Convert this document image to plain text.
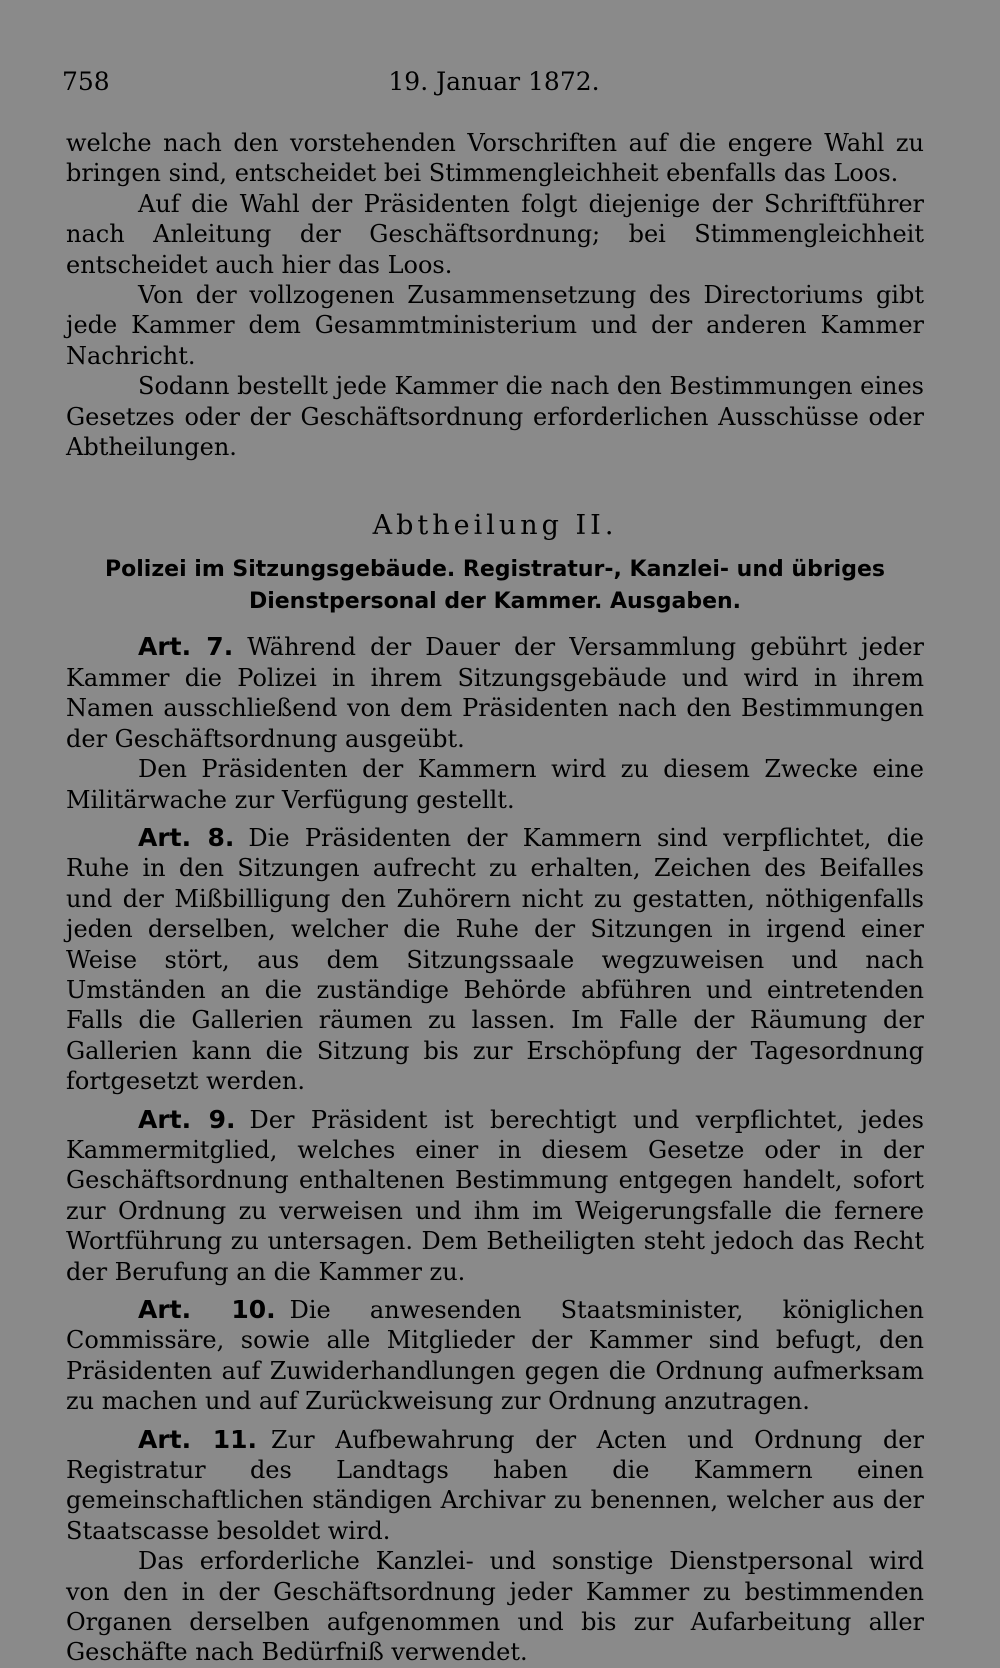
758	19. Januar 1872.

welche nach den vorstehenden Vorschriften auf die engere Wahl zu bringen sind, entscheidet bei Stimmengleichheit ebenfalls das Loos.

Auf die Wahl der Präsidenten folgt diejenige der Schriftführer nach Anleitung der Geschäftsordnung; bei Stimmengleichheit entscheidet auch hier das Loos.

Von der vollzogenen Zusammensetzung des Directoriums gibt jede Kammer dem Gesammtministerium und der anderen Kammer Nachricht.

Sodann bestellt jede Kammer die nach den Bestimmungen eines Gesetzes oder der Geschäftsordnung erforderlichen Ausschüsse oder Abtheilungen.

Abtheilung II.
Polizei im Sitzungsgebäude. Registratur-, Kanzlei- und übriges
Dienstpersonal der Kammer. Ausgaben.

Art. 7. Während der Dauer der Versammlung gebührt jeder Kammer die Polizei in ihrem Sitzungsgebäude und wird in ihrem Namen ausschließend von dem Präsidenten nach den Bestimmungen der Geschäftsordnung ausgeübt.

Den Präsidenten der Kammern wird zu diesem Zwecke eine Militärwache zur Verfügung gestellt.

Art. 8. Die Präsidenten der Kammern sind verpflichtet, die Ruhe in den Sitzungen aufrecht zu erhalten, Zeichen des Beifalles und der Mißbilligung den Zuhörern nicht zu gestatten, nöthigenfalls jeden derselben, welcher die Ruhe der Sitzungen in irgend einer Weise stört, aus dem Sitzungssaale wegzuweisen und nach Umständen an die zuständige Behörde abführen und eintretenden Falls die Gallerien räumen zu lassen. Im Falle der Räumung der Gallerien kann die Sitzung bis zur Erschöpfung der Tagesordnung fortgesetzt werden.

Art. 9. Der Präsident ist berechtigt und verpflichtet, jedes Kammermitglied, welches einer in diesem Gesetze oder in der Geschäftsordnung enthaltenen Bestimmung entgegen handelt, sofort zur Ordnung zu verweisen und ihm im Weigerungsfalle die fernere Wortführung zu untersagen. Dem Betheiligten steht jedoch das Recht der Berufung an die Kammer zu.

Art. 10. Die anwesenden Staatsminister, königlichen Commissäre, sowie alle Mitglieder der Kammer sind befugt, den Präsidenten auf Zuwiderhandlungen gegen die Ordnung aufmerksam zu machen und auf Zurückweisung zur Ordnung anzutragen.

Art. 11. Zur Aufbewahrung der Acten und Ordnung der Registratur des Landtags haben die Kammern einen gemeinschaftlichen ständigen Archivar zu benennen, welcher aus der Staatscasse besoldet wird.

Das erforderliche Kanzlei- und sonstige Dienstpersonal wird von den in der Geschäftsordnung jeder Kammer zu bestimmenden Organen derselben aufgenommen und bis zur Aufarbeitung aller Geschäfte nach Bedürfniß verwendet.
